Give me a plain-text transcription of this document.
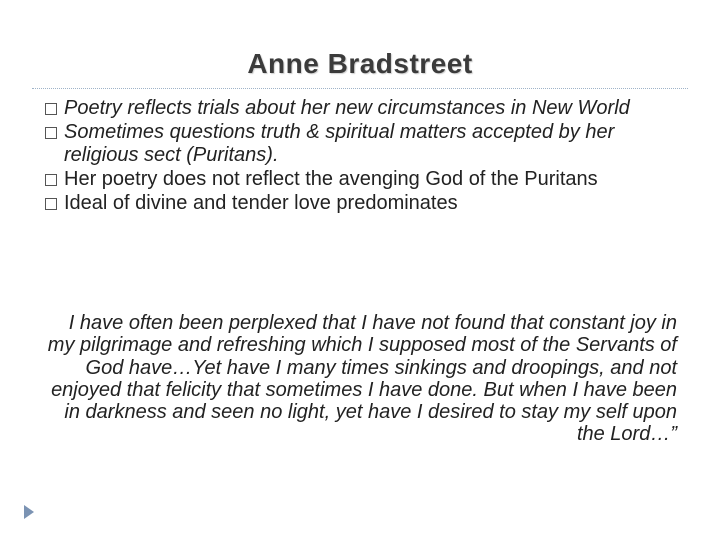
Anne Bradstreet
Poetry reflects trials about her new circumstances in New World
Sometimes questions truth & spiritual matters accepted by her religious sect (Puritans).
Her poetry does not reflect the avenging God of the Puritans
Ideal of divine and tender love predominates

I have often been perplexed that I have not found that constant joy in my pilgrimage and refreshing which I supposed most of the Servants of God have…Yet have I many times sinkings and droopings, and not enjoyed that felicity that sometimes I have done. But when I have been in darkness and seen no light, yet have I desired to stay my self upon the Lord…”
